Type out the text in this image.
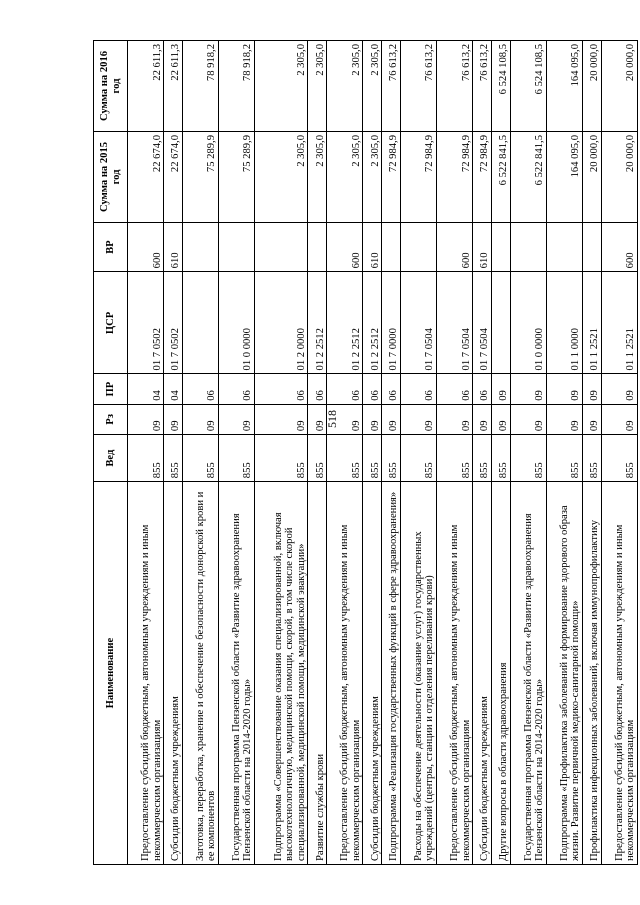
518
Наименование	Вед	Рз	ПР	ЦСР	ВР	Сумма на 2015 год	Сумма на 2016 год
Предоставление субсидий бюджетным, автономным учреждениям и иным некоммерческим организациям	855	09	04	01 7 0502	600	22 674,0	22 611,3
Субсидии бюджетным учреждениям	855	09	04	01 7 0502	610	22 674,0	22 611,3
Заготовка, переработка, хранение и обеспечение безопасности донорской крови и ее компонентов	855	09	06			75 289,9	78 918,2
Государственная программа Пензенской области «Развитие здравоохранения Пензенской области на 2014-2020 годы»	855	09	06	01 0 0000		75 289,9	78 918,2
Подпрограмма «Совершенствование оказания специализированной, включая высокотехнологичную, медицинской помощи, скорой, в том числе скорой специализированной, медицинской помощи, медицинской эвакуации»	855	09	06	01 2 0000		2 305,0	2 305,0
Развитие службы крови	855	09	06	01 2 2512		2 305,0	2 305,0
Предоставление субсидий бюджетным, автономным учреждениям и иным некоммерческим организациям	855	09	06	01 2 2512	600	2 305,0	2 305,0
Субсидии бюджетным учреждениям	855	09	06	01 2 2512	610	2 305,0	2 305,0
Подпрограмма «Реализация государственных функций в сфере здравоохранения»	855	09	06	01 7 0000		72 984,9	76 613,2
Расходы на обеспечение деятельности (оказание услуг) государственных учреждений (центры, станции и отделения переливания крови)	855	09	06	01 7 0504		72 984,9	76 613,2
Предоставление субсидий бюджетным, автономным учреждениям и иным некоммерческим организациям	855	09	06	01 7 0504	600	72 984,9	76 613,2
Субсидии бюджетным учреждениям	855	09	06	01 7 0504	610	72 984,9	76 613,2
Другие вопросы в области здравоохранения	855	09	09			6 522 841,5	6 524 108,5
Государственная программа Пензенской области «Развитие здравоохранения Пензенской области на 2014-2020 годы»	855	09	09	01 0 0000		6 522 841,5	6 524 108,5
Подпрограмма «Профилактика заболеваний и формирование здорового образа жизни. Развитие первичной медико-санитарной помощи»	855	09	09	01 1 0000		164 095,0	164 095,0
Профилактика инфекционных заболеваний, включая иммунопрофилактику	855	09	09	01 1 2521		20 000,0	20 000,0
Предоставление субсидий бюджетным, автономным учреждениям и иным некоммерческим организациям	855	09	09	01 1 2521	600	20 000,0	20 000,0
